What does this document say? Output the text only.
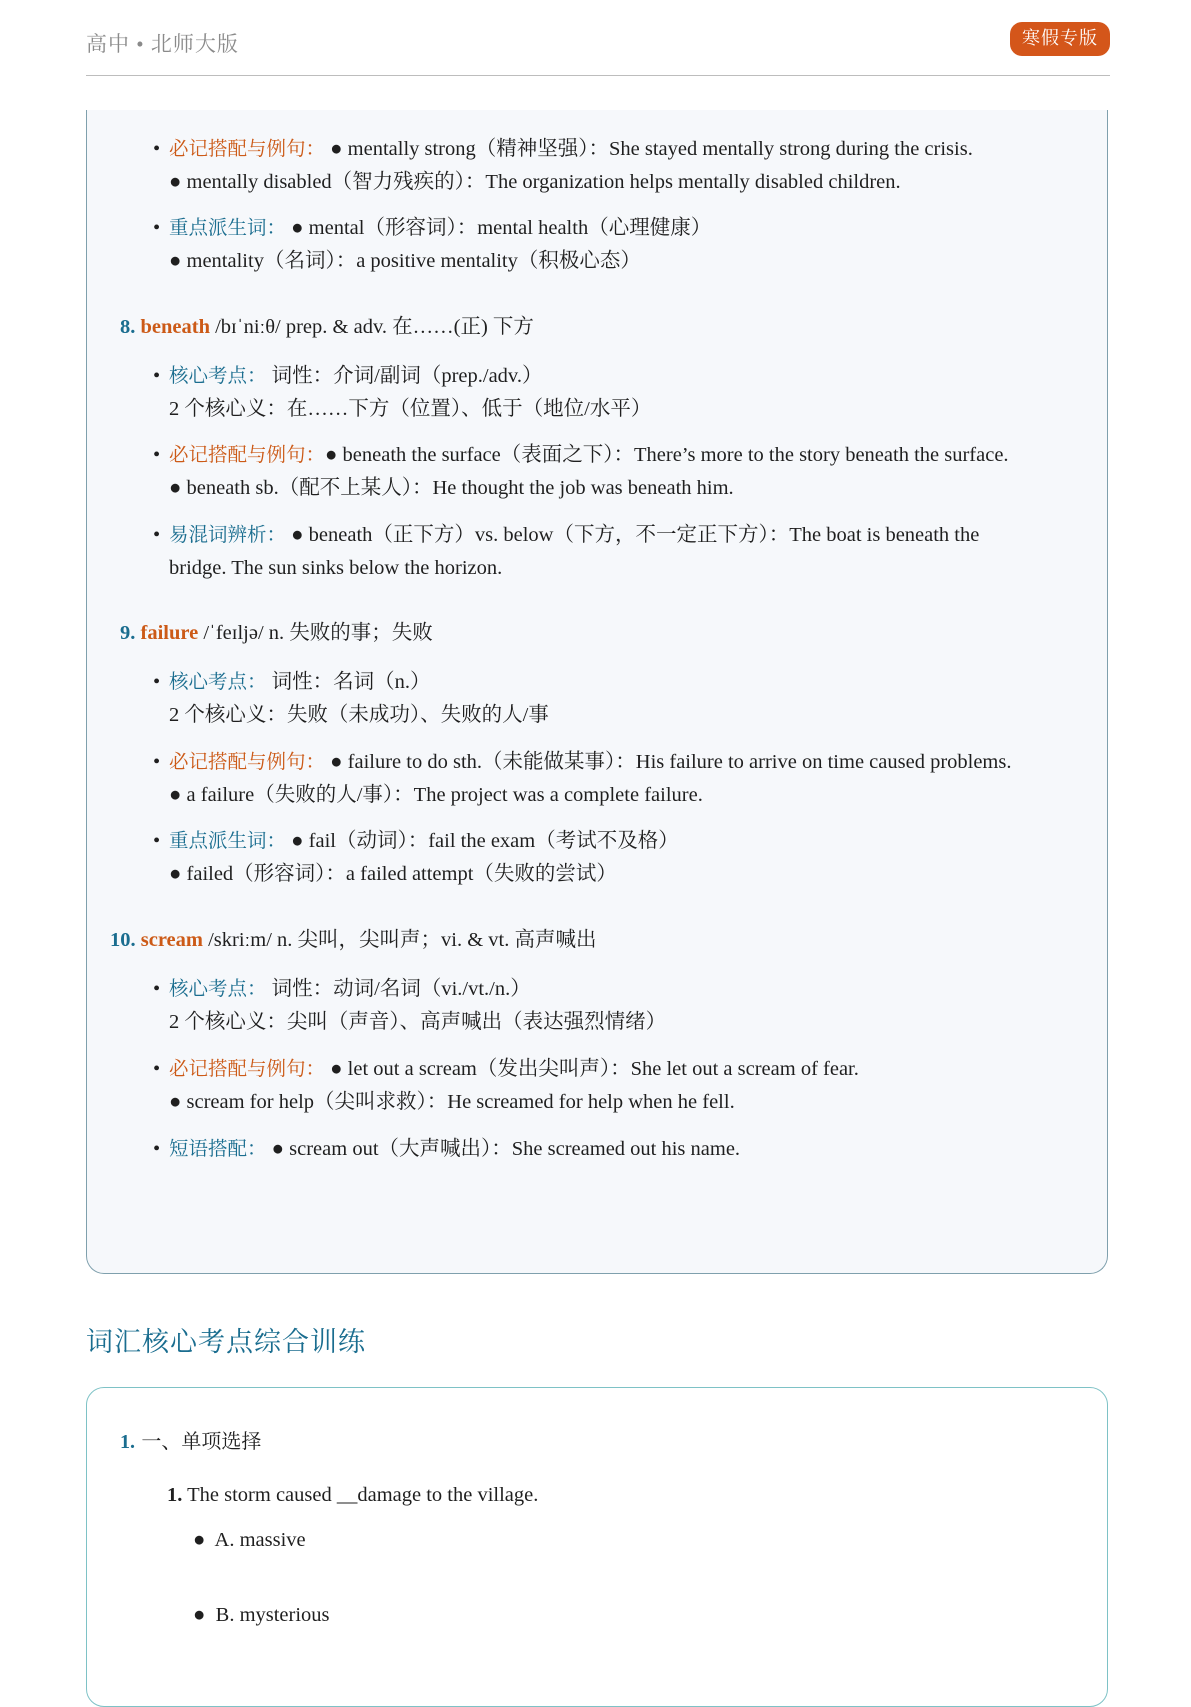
高中 • 北师大版	寒假专版
• 必记搭配与例句： ● mentally strong（精神坚强）：She stayed mentally strong during the crisis.
● mentally disabled（智力残疾的）：The organization helps mentally disabled children.
• 重点派生词： ● mental（形容词）：mental health（心理健康）
● mentality（名词）：a positive mentality（积极心态）
8. beneath /bɪˈniːθ/ prep. & adv. 在……(正) 下方
• 核心考点： 词性：介词/副词（prep./adv.）
2 个核心义：在……下方（位置）、低于（地位/水平）
• 必记搭配与例句：● beneath the surface（表面之下）：There’s more to the story beneath the surface.
● beneath sb.（配不上某人）：He thought the job was beneath him.
• 易混词辨析： ● beneath（正下方）vs. below（下方，不一定正下方）：The boat is beneath the
bridge. The sun sinks below the horizon.
9. failure /ˈfeɪljə/ n. 失败的事；失败
• 核心考点： 词性：名词（n.）
2 个核心义：失败（未成功）、失败的人/事
• 必记搭配与例句： ● failure to do sth.（未能做某事）：His failure to arrive on time caused problems.
● a failure（失败的人/事）：The project was a complete failure.
• 重点派生词： ● fail（动词）：fail the exam（考试不及格）
● failed（形容词）：a failed attempt（失败的尝试）
10. scream /skriːm/ n. 尖叫，尖叫声；vi. & vt. 高声喊出
• 核心考点： 词性：动词/名词（vi./vt./n.）
2 个核心义：尖叫（声音）、高声喊出（表达强烈情绪）
• 必记搭配与例句： ● let out a scream（发出尖叫声）：She let out a scream of fear.
● scream for help（尖叫求救）：He screamed for help when he fell.
• 短语搭配： ● scream out（大声喊出）：She screamed out his name.
词汇核心考点综合训练
1. 一、单项选择
1. The storm caused __damage to the village.
●  A. massive
●  B. mysterious
